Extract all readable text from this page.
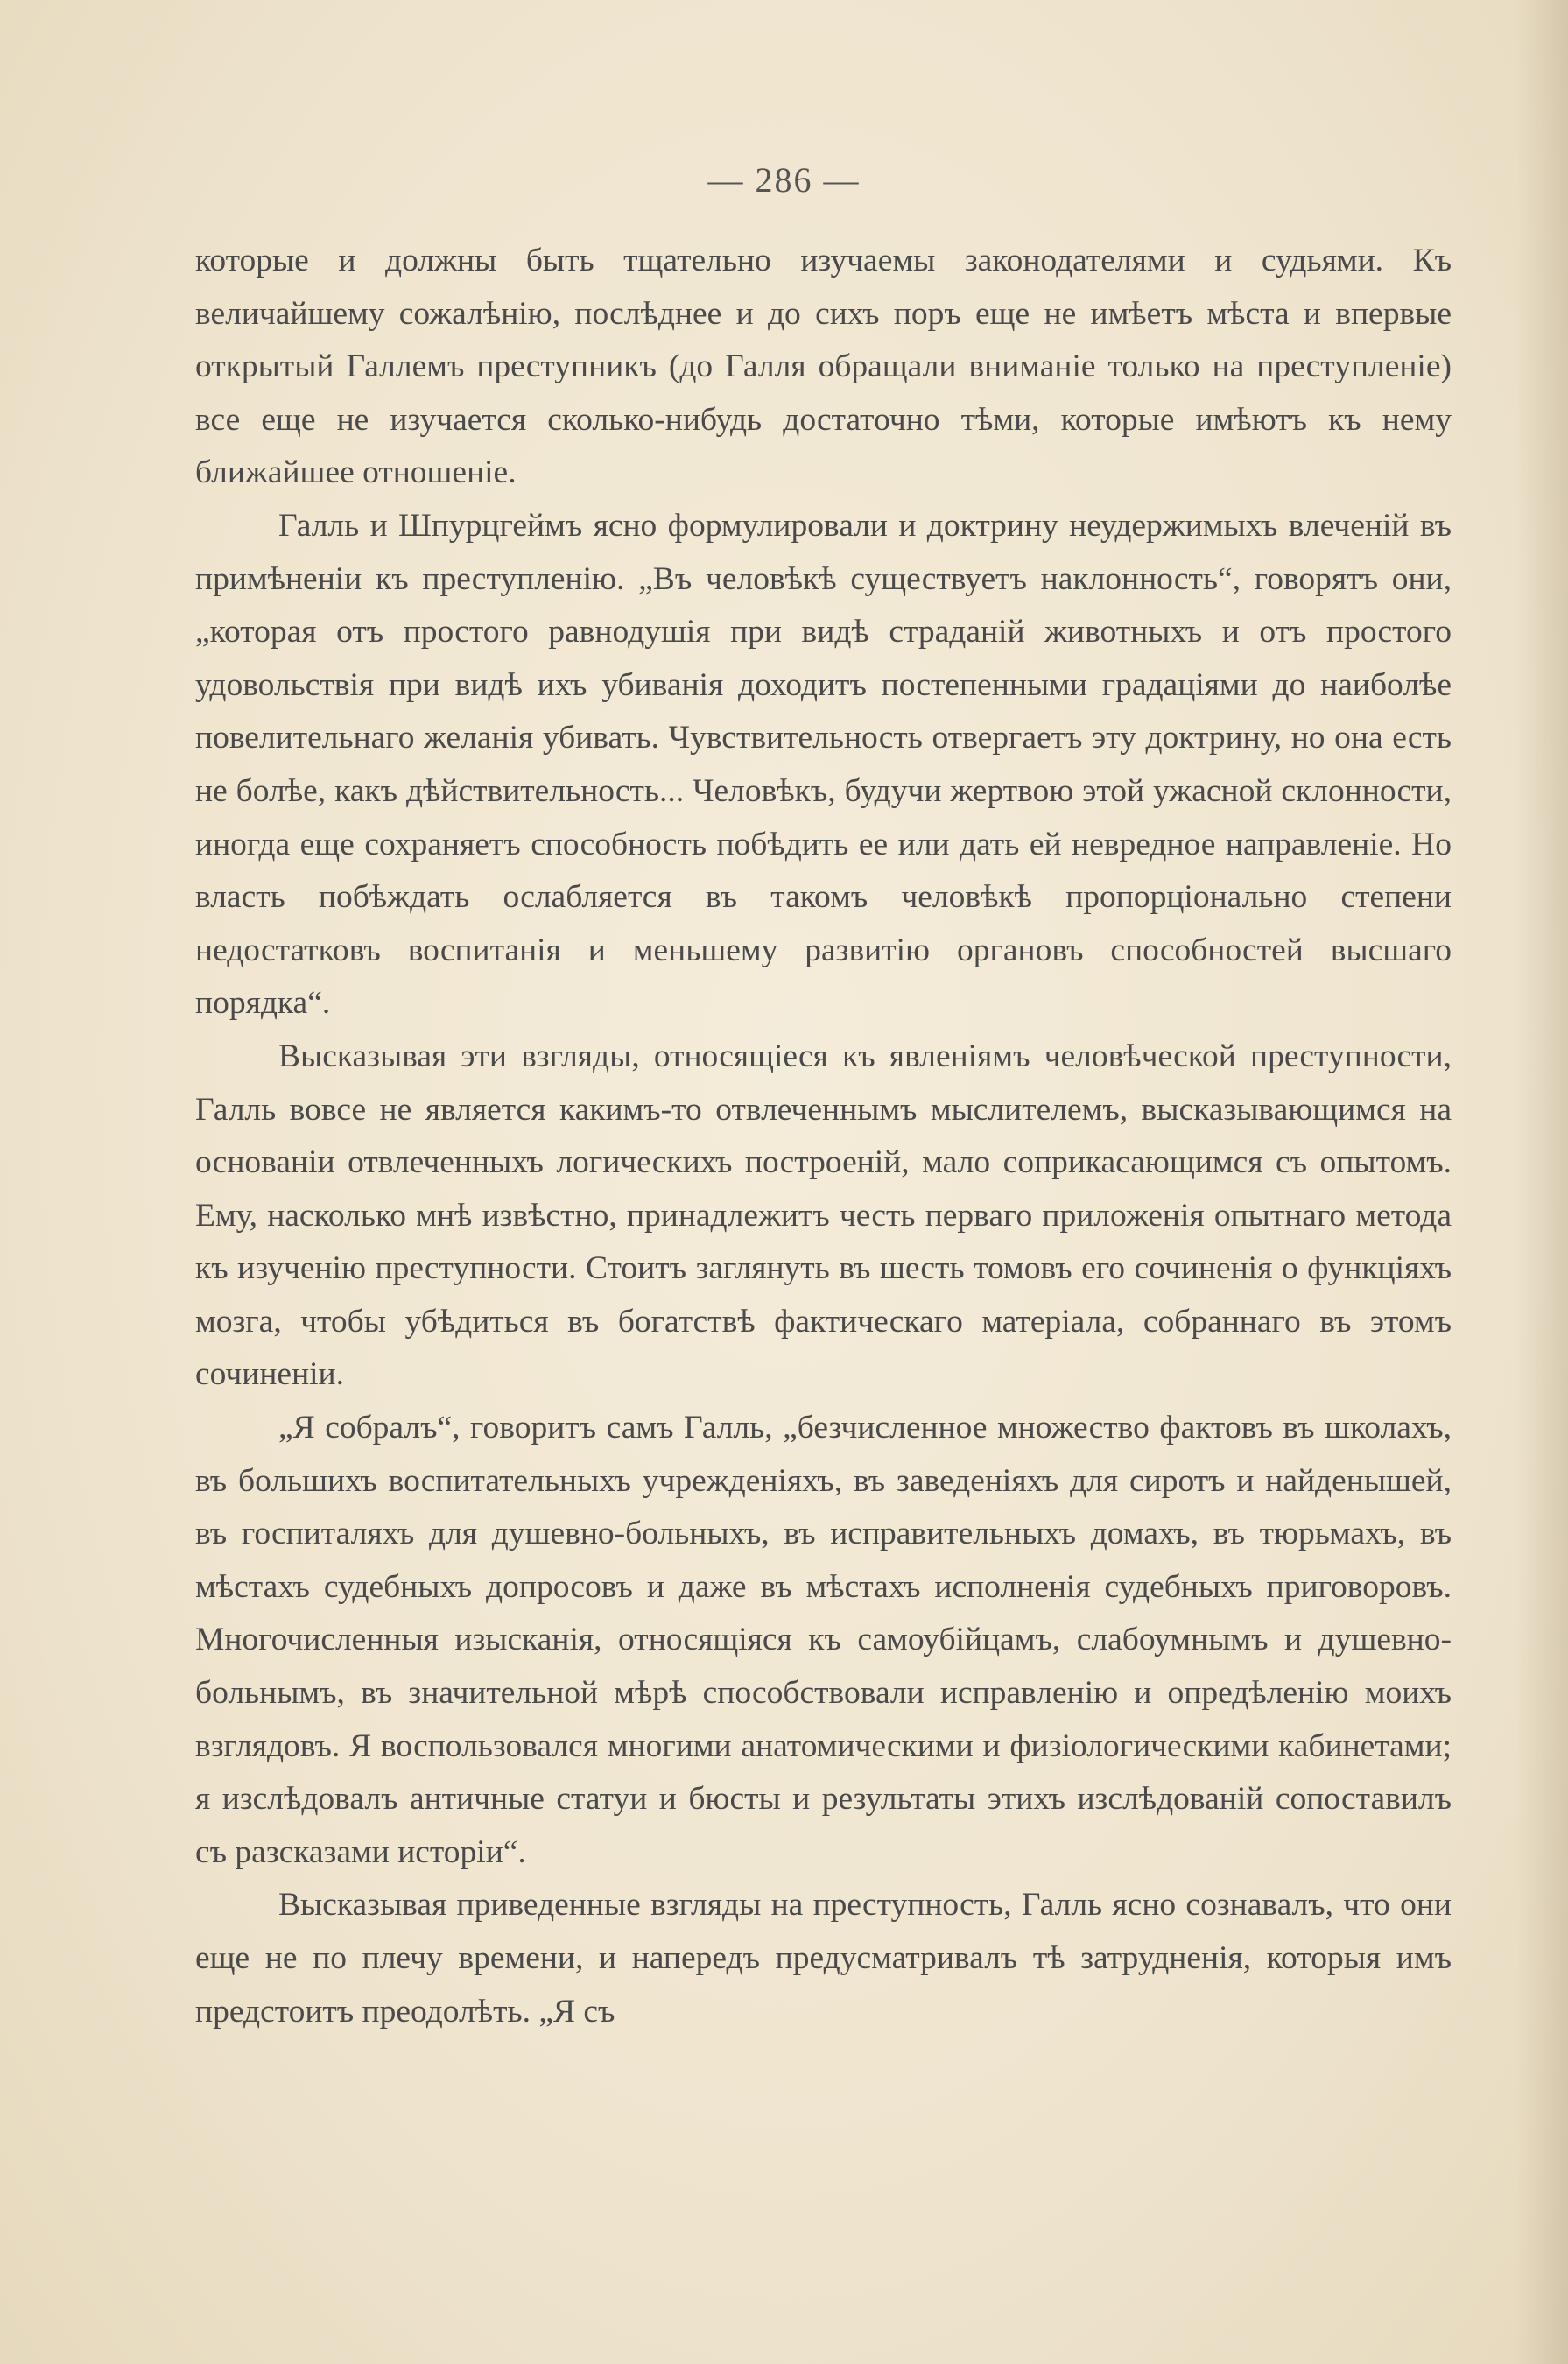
— 286 —

которые и должны быть тщательно изучаемы законодателями и судьями. Къ величайшему сожалѣнію, послѣднее и до сихъ поръ еще не имѣетъ мѣста и впервые открытый Галлемъ преступникъ (до Галля обращали вниманіе только на преступленіе) все еще не изучается сколько-нибудь достаточно тѣми, которые имѣютъ къ нему ближайшее отношеніе.

Галль и Шпурцгеймъ ясно формулировали и доктрину неудержимыхъ влеченій въ примѣненіи къ преступленію. „Въ человѣкѣ существуетъ наклонность“, говорятъ они, „которая отъ простого равнодушія при видѣ страданій животныхъ и отъ простого удовольствія при видѣ ихъ убиванія доходитъ постепенными градаціями до наиболѣе повелительнаго желанія убивать. Чувствительность отвергаетъ эту доктрину, но она есть не болѣе, какъ дѣйствительность... Человѣкъ, будучи жертвою этой ужасной склонности, иногда еще сохраняетъ способность побѣдить ее или дать ей невредное направленіе. Но власть побѣждать ослабляется въ такомъ человѣкѣ пропорціонально степени недостатковъ воспитанія и меньшему развитію органовъ способностей высшаго порядка“.

Высказывая эти взгляды, относящіеся къ явленіямъ человѣческой преступности, Галль вовсе не является какимъ-то отвлеченнымъ мыслителемъ, высказывающимся на основаніи отвлеченныхъ логическихъ построеній, мало соприкасающимся съ опытомъ. Ему, насколько мнѣ извѣстно, принадлежитъ честь перваго приложенія опытнаго метода къ изученію преступности. Стоитъ заглянуть въ шесть томовъ его сочиненія о функціяхъ мозга, чтобы убѣдиться въ богатствѣ фактическаго матеріала, собраннаго въ этомъ сочиненіи.

„Я собралъ“, говоритъ самъ Галль, „безчисленное множество фактовъ въ школахъ, въ большихъ воспитательныхъ учрежденіяхъ, въ заведеніяхъ для сиротъ и найденышей, въ госпиталяхъ для душевно-больныхъ, въ исправительныхъ домахъ, въ тюрьмахъ, въ мѣстахъ судебныхъ допросовъ и даже въ мѣстахъ исполненія судебныхъ приговоровъ. Многочисленныя изысканія, относящіяся къ самоубійцамъ, слабоумнымъ и душевно-больнымъ, въ значительной мѣрѣ способствовали исправленію и опредѣленію моихъ взглядовъ. Я воспользовался многими анатомическими и физіологическими кабинетами; я изслѣдовалъ античные статуи и бюсты и результаты этихъ изслѣдованій сопоставилъ съ разсказами исторіи“.

Высказывая приведенные взгляды на преступность, Галль ясно сознавалъ, что они еще не по плечу времени, и напередъ предусматривалъ тѣ затрудненія, которыя имъ предстоитъ преодолѣть. „Я съ
